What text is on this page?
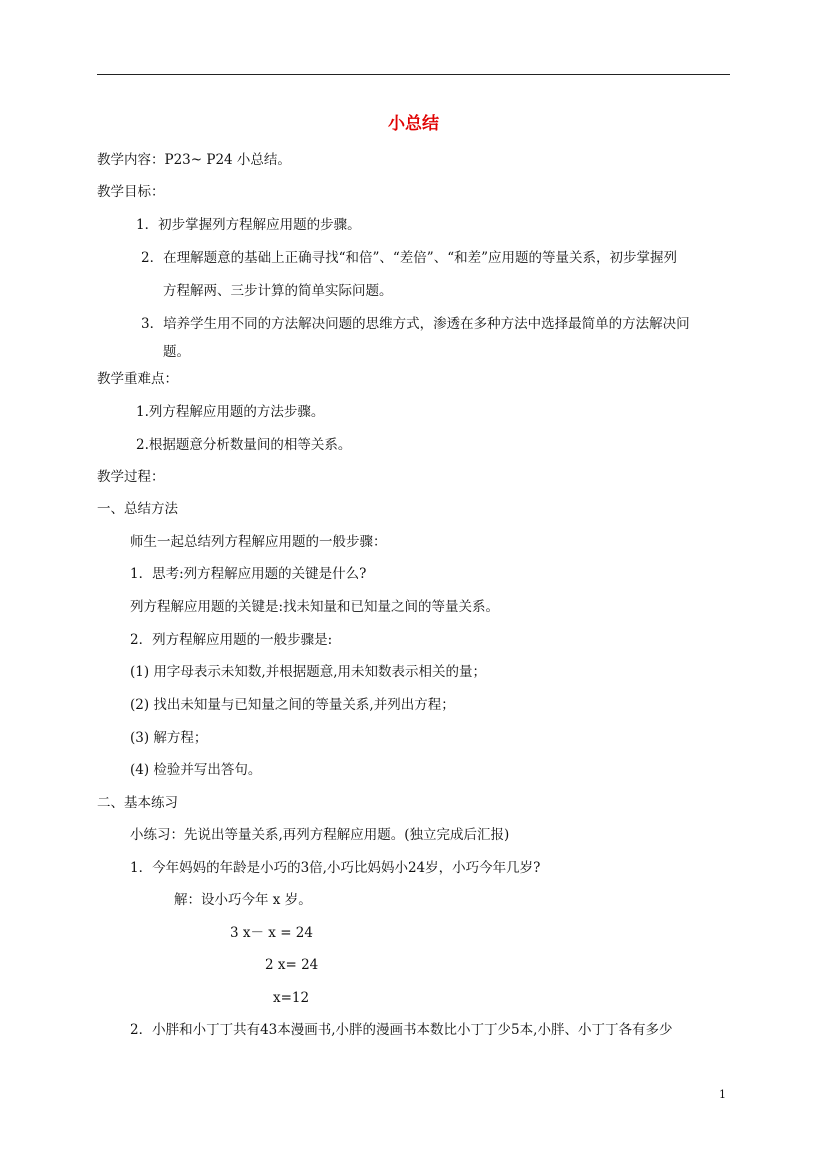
小总结
教学内容：P23~ P24 小总结。
教学目标：
1．初步掌握列方程解应用题的步骤。
2．在理解题意的基础上正确寻找“和倍”、“差倍”、“和差”应用题的等量关系，初步掌握列
方程解两、三步计算的简单实际问题。
3．培养学生用不同的方法解决问题的思维方式，渗透在多种方法中选择最简单的方法解决问
题。
教学重难点：
1.列方程解应用题的方法步骤。
2.根据题意分析数量间的相等关系。
教学过程：
一、总结方法
师生一起总结列方程解应用题的一般步骤：
1．思考:列方程解应用题的关键是什么?
列方程解应用题的关键是:找未知量和已知量之间的等量关系。
2．列方程解应用题的一般步骤是:
(1) 用字母表示未知数,并根据题意,用未知数表示相关的量；
(2) 找出未知量与已知量之间的等量关系,并列出方程；
(3) 解方程；
(4) 检验并写出答句。
二、基本练习
小练习：先说出等量关系,再列方程解应用题。(独立完成后汇报)
1．今年妈妈的年龄是小巧的3倍,小巧比妈妈小24岁，小巧今年几岁?
解：设小巧今年 x 岁。
3 x－ x = 24
2 x= 24
x=12
2．小胖和小丁丁共有43本漫画书,小胖的漫画书本数比小丁丁少5本,小胖、小丁丁各有多少
1
